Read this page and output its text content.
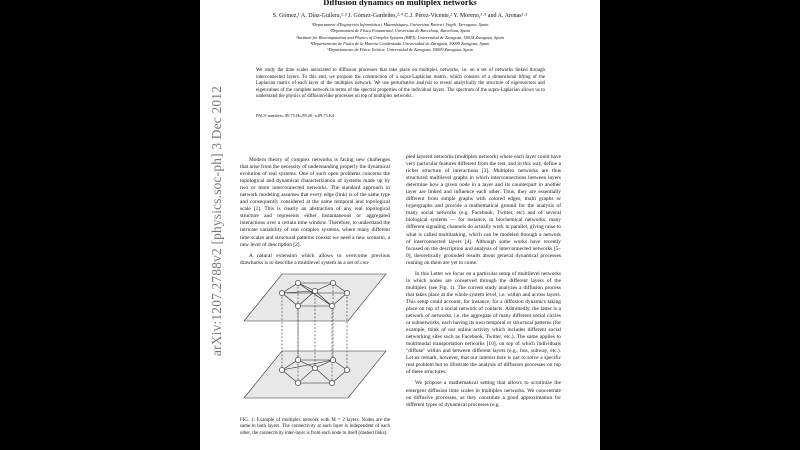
Diffusion dynamics on multiplex networks
S. Gómez,¹ A. Díaz-Guilera,²·³ J. Gómez-Gardeñes,³·⁴ C.J. Pérez-Vicente,² Y. Moreno,³·⁵ and A. Arenas¹·³
¹Departament d'Enginyeria Informàtica i Matemàtiques, Universitat Rovira i Virgili, Tarragona, Spain
²Departament de Física Fonamental, Universitat de Barcelona, Barcelona, Spain
³Institute for Biocomputation and Physics of Complex Systems (BIFI), Universidad de Zaragoza, 50018 Zaragoza, Spain
⁴Departamento de Física de la Materia Condensada, Universidad de Zaragoza, 50009 Zaragoza, Spain
⁵Departamento de Física Teórica, Universidad de Zaragoza, 50009 Zaragoza, Spain
We study the time scales associated to diffusion processes that take place on multiplex networks, i.e. on a set of networks linked through interconnected layers. To this end, we propose the construction of a supra-Laplacian matrix, which consists of a dimensional lifting of the Laplacian matrix of each layer of the multiplex network. We use perturbative analysis to reveal analytically the structure of eigenvectors and eigenvalues of the complete network in terms of the spectral properties of the individual layers. The spectrum of the supra-Laplacian allows us to understand the physics of diffusion-like processes on top of multiplex networks.
PACS numbers: 89.75.Hc,89.20.-a,89.75.Kd

Modern theory of complex networks is facing new challenges that arise from the necessity of understanding properly the dynamical evolution of real systems. One of such open problems concerns the topological and dynamical characterization of systems made up by two or more interconnected networks. The standard approach in network modeling assumes that every edge (link) is of the same type and consequently considered at the same temporal and topological scale [1]. This is clearly an abstraction of any real topological structure and represents either instantaneous or aggregated interactions over a certain time window. Therefore, to understand the intricate variability of real complex systems, where many different time scales and structural patterns coexist we need a new scenario, a new level of description [2].

A natural extension which allows to overcome previous drawbacks is to describe a multilevel system as a set of cou-

FIG. 1: Example of multiplex network with M = 2 layers. Nodes are the same in both layers. The connectivity at each layer is independent of each other, the connectivity inter-layer is from each node to itself (dashed links).

pled layered networks (multiplex network) where each layer could have very particular features different from the rest, and in this way, define a richer structure of interactions [3]. Multiplex networks are thus structured multilevel graphs in which interconnections between layers determine how a given node in a layer and its counterpart in another layer are linked and influence each other. Thus, they are essentially different from simple graphs with colored edges, multi graphs or hypergraphs and provide a mathematical ground for the analysis of many social networks (e.g. Facebook, Twitter, etc) and of several biological systems — for instance, in biochemical networks, many different signaling channels do actually work in parallel, giving raise to what is called multitasking, which can be modeled through a network of interconnected layers [4]. Although some works have recently focused on the description and analysis of interconnected networks [5–9], theoretically grounded results about general dynamical processes running on them are yet to come.

In this Letter we focus on a particular setup of multilevel networks in which nodes are conserved through the different layers of the multiplex (see Fig. 1). The current study analyzes a diffusion process that takes place at the whole system level, i.e. within and across layers. This setup could account, for instance, for a diffusion dynamics taking place on top of a social network of contacts. Admittedly, the latter is a network of networks, i.e. the aggregate of many different social circles or subnetworks, each having its own temporal or structural patterns (for example, think of our online activity which includes different social networking sites such as Facebook, Twitter, etc.). The same applies to multimodal transportation networks [10], on top of which individuals "diffuse" within and between different layers (e.g., bus, subway, etc.). Let us remark, however, that our interest here is not to solve a specific real problem but to illustrate the analysis of diffusion processes on top of these structures.

We propose a mathematical setting that allows to scrutinize the emergent diffusion time scales in multiplex networks. We concentrate on diffusive processes, as they constitute a good approximation for different types of dynamical processes (e.g.

arXiv:1207.2788v2 [physics.soc-ph] 3 Dec 2012
